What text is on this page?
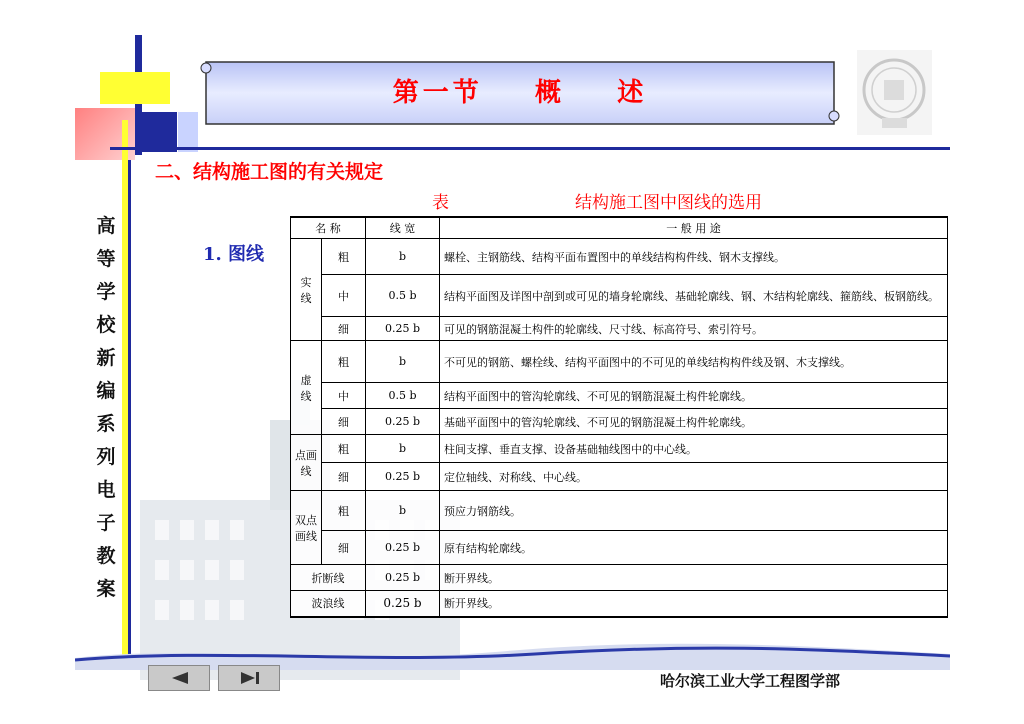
第一节    概    述
高
等
学
校
新
编
系
列
电
子
教
案
二、结构施工图的有关规定
表	结构施工图中图线的选用
1. 图线
名 称		线 宽	一 般 用 途
实
线	粗	b	螺栓、主钢筋线、结构平面布置图中的单线结构构件线、钢木支撑线。
	中	0.5 b	结构平面图及详图中剖到或可见的墙身轮廓线、基础轮廓线、钢、木结构轮廓线、箍筋线、板钢筋线。
	细	0.25 b	可见的钢筋混凝土构件的轮廓线、尺寸线、标高符号、索引符号。
虚
线	粗	b	不可见的钢筋、螺栓线、结构平面图中的不可见的单线结构构件线及钢、木支撑线。
	中	0.5 b	结构平面图中的管沟轮廓线、不可见的钢筋混凝土构件轮廓线。
	细	0.25 b	基础平面图中的管沟轮廓线、不可见的钢筋混凝土构件轮廓线。
点画
线	粗	b	柱间支撑、垂直支撑、设备基础轴线图中的中心线。
	细	0.25 b	定位轴线、对称线、中心线。
双点
画线	粗	b	预应力钢筋线。
	细	0.25 b	原有结构轮廓线。
折断线		0.25 b	断开界线。
波浪线		0.25 b	断开界线。
哈尔滨工业大学工程图学部
